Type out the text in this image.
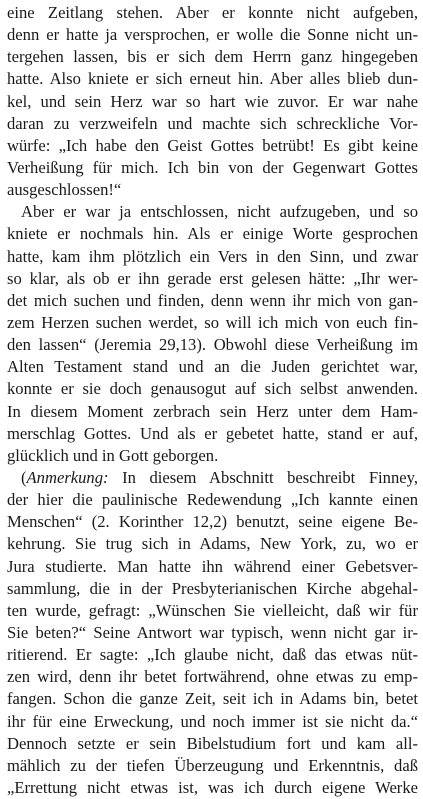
eine Zeitlang stehen. Aber er konnte nicht aufgeben,
denn er hatte ja versprochen, er wolle die Sonne nicht un-
tergehen lassen, bis er sich dem Herrn ganz hingegeben
hatte. Also kniete er sich erneut hin. Aber alles blieb dun-
kel, und sein Herz war so hart wie zuvor. Er war nahe
daran zu verzweifeln und machte sich schreckliche Vor-
würfe: „Ich habe den Geist Gottes betrübt! Es gibt keine
Verheißung für mich. Ich bin von der Gegenwart Gottes
ausgeschlossen!“
Aber er war ja entschlossen, nicht aufzugeben, und so
kniete er nochmals hin. Als er einige Worte gesprochen
hatte, kam ihm plötzlich ein Vers in den Sinn, und zwar
so klar, als ob er ihn gerade erst gelesen hätte: „Ihr wer-
det mich suchen und finden, denn wenn ihr mich von gan-
zem Herzen suchen werdet, so will ich mich von euch fin-
den lassen“ (Jeremia 29,13). Obwohl diese Verheißung im
Alten Testament stand und an die Juden gerichtet war,
konnte er sie doch genausogut auf sich selbst anwenden.
In diesem Moment zerbrach sein Herz unter dem Ham-
merschlag Gottes. Und als er gebetet hatte, stand er auf,
glücklich und in Gott geborgen.
(Anmerkung: In diesem Abschnitt beschreibt Finney,
der hier die paulinische Redewendung „Ich kannte einen
Menschen“ (2. Korinther 12,2) benutzt, seine eigene Be-
kehrung. Sie trug sich in Adams, New York, zu, wo er
Jura studierte. Man hatte ihn während einer Gebetsver-
sammlung, die in der Presbyterianischen Kirche abgehal-
ten wurde, gefragt: „Wünschen Sie vielleicht, daß wir für
Sie beten?“ Seine Antwort war typisch, wenn nicht gar ir-
ritierend. Er sagte: „Ich glaube nicht, daß das etwas nüt-
zen wird, denn ihr betet fortwährend, ohne etwas zu emp-
fangen. Schon die ganze Zeit, seit ich in Adams bin, betet
ihr für eine Erweckung, und noch immer ist sie nicht da.“
Dennoch setzte er sein Bibelstudium fort und kam all-
mählich zu der tiefen Überzeugung und Erkenntnis, daß
„Errettung nicht etwas ist, was ich durch eigene Werke
